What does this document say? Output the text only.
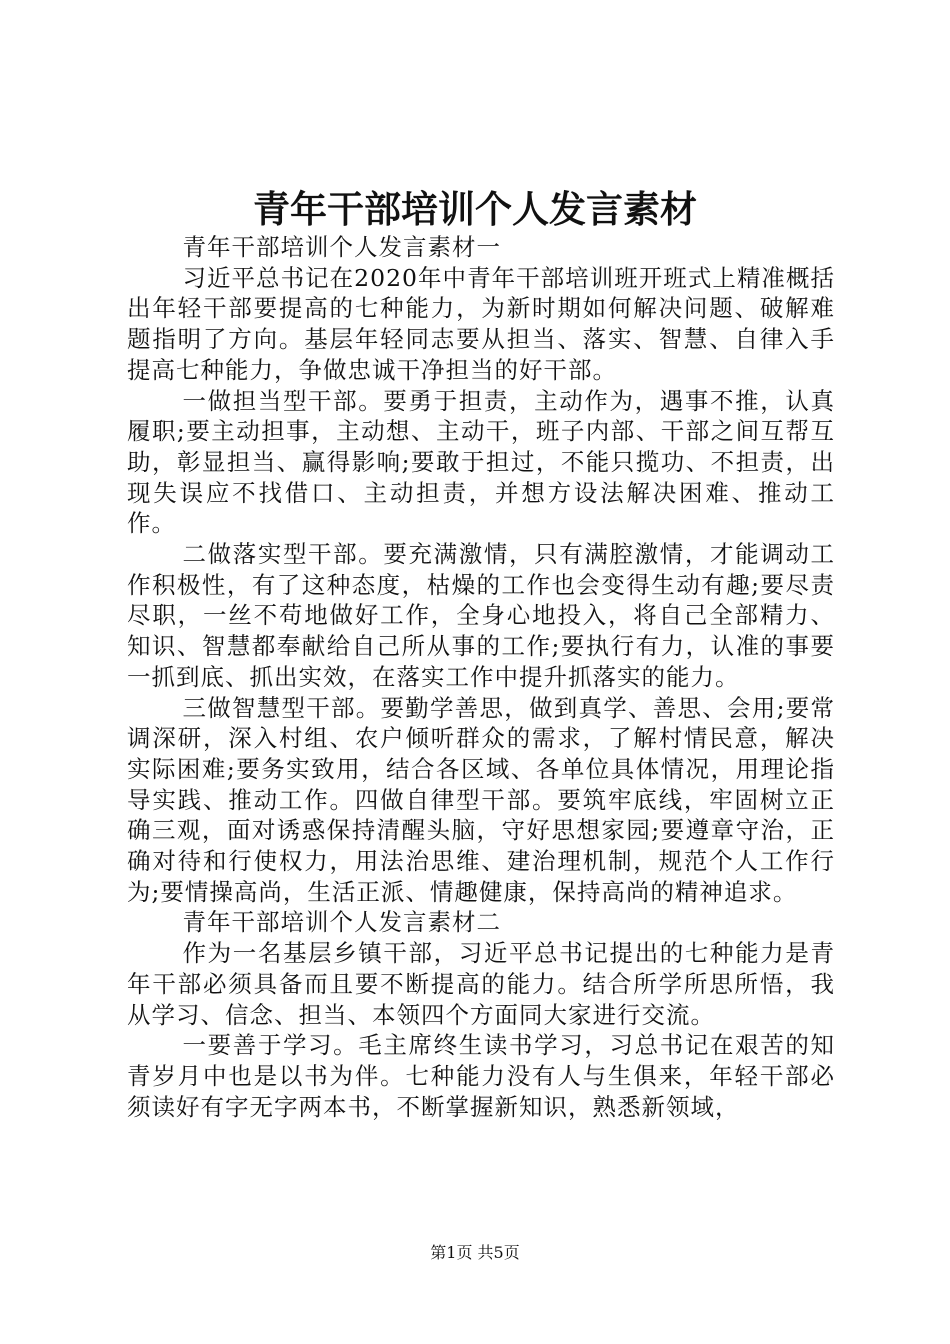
青年干部培训个人发言素材

青年干部培训个人发言素材一

习近平总书记在2020年中青年干部培训班开班式上精准概括出年轻干部要提高的七种能力，为新时期如何解决问题、破解难题指明了方向。基层年轻同志要从担当、落实、智慧、自律入手提高七种能力，争做忠诚干净担当的好干部。

一做担当型干部。要勇于担责，主动作为，遇事不推，认真履职;要主动担事，主动想、主动干，班子内部、干部之间互帮互助，彰显担当、赢得影响;要敢于担过，不能只揽功、不担责，出现失误应不找借口、主动担责，并想方设法解决困难、推动工作。

二做落实型干部。要充满激情，只有满腔激情，才能调动工作积极性，有了这种态度，枯燥的工作也会变得生动有趣;要尽责尽职，一丝不苟地做好工作，全身心地投入，将自己全部精力、知识、智慧都奉献给自己所从事的工作;要执行有力，认准的事要一抓到底、抓出实效，在落实工作中提升抓落实的能力。

三做智慧型干部。要勤学善思，做到真学、善思、会用;要常调深研，深入村组、农户倾听群众的需求，了解村情民意，解决实际困难;要务实致用，结合各区域、各单位具体情况，用理论指导实践、推动工作。四做自律型干部。要筑牢底线，牢固树立正确三观，面对诱惑保持清醒头脑，守好思想家园;要遵章守治，正确对待和行使权力，用法治思维、建治理机制，规范个人工作行为;要情操高尚，生活正派、情趣健康，保持高尚的精神追求。

青年干部培训个人发言素材二

作为一名基层乡镇干部，习近平总书记提出的七种能力是青年干部必须具备而且要不断提高的能力。结合所学所思所悟，我从学习、信念、担当、本领四个方面同大家进行交流。

一要善于学习。毛主席终生读书学习，习总书记在艰苦的知青岁月中也是以书为伴。七种能力没有人与生俱来，年轻干部必须读好有字无字两本书，不断掌握新知识，熟悉新领域，

第1页 共5页
